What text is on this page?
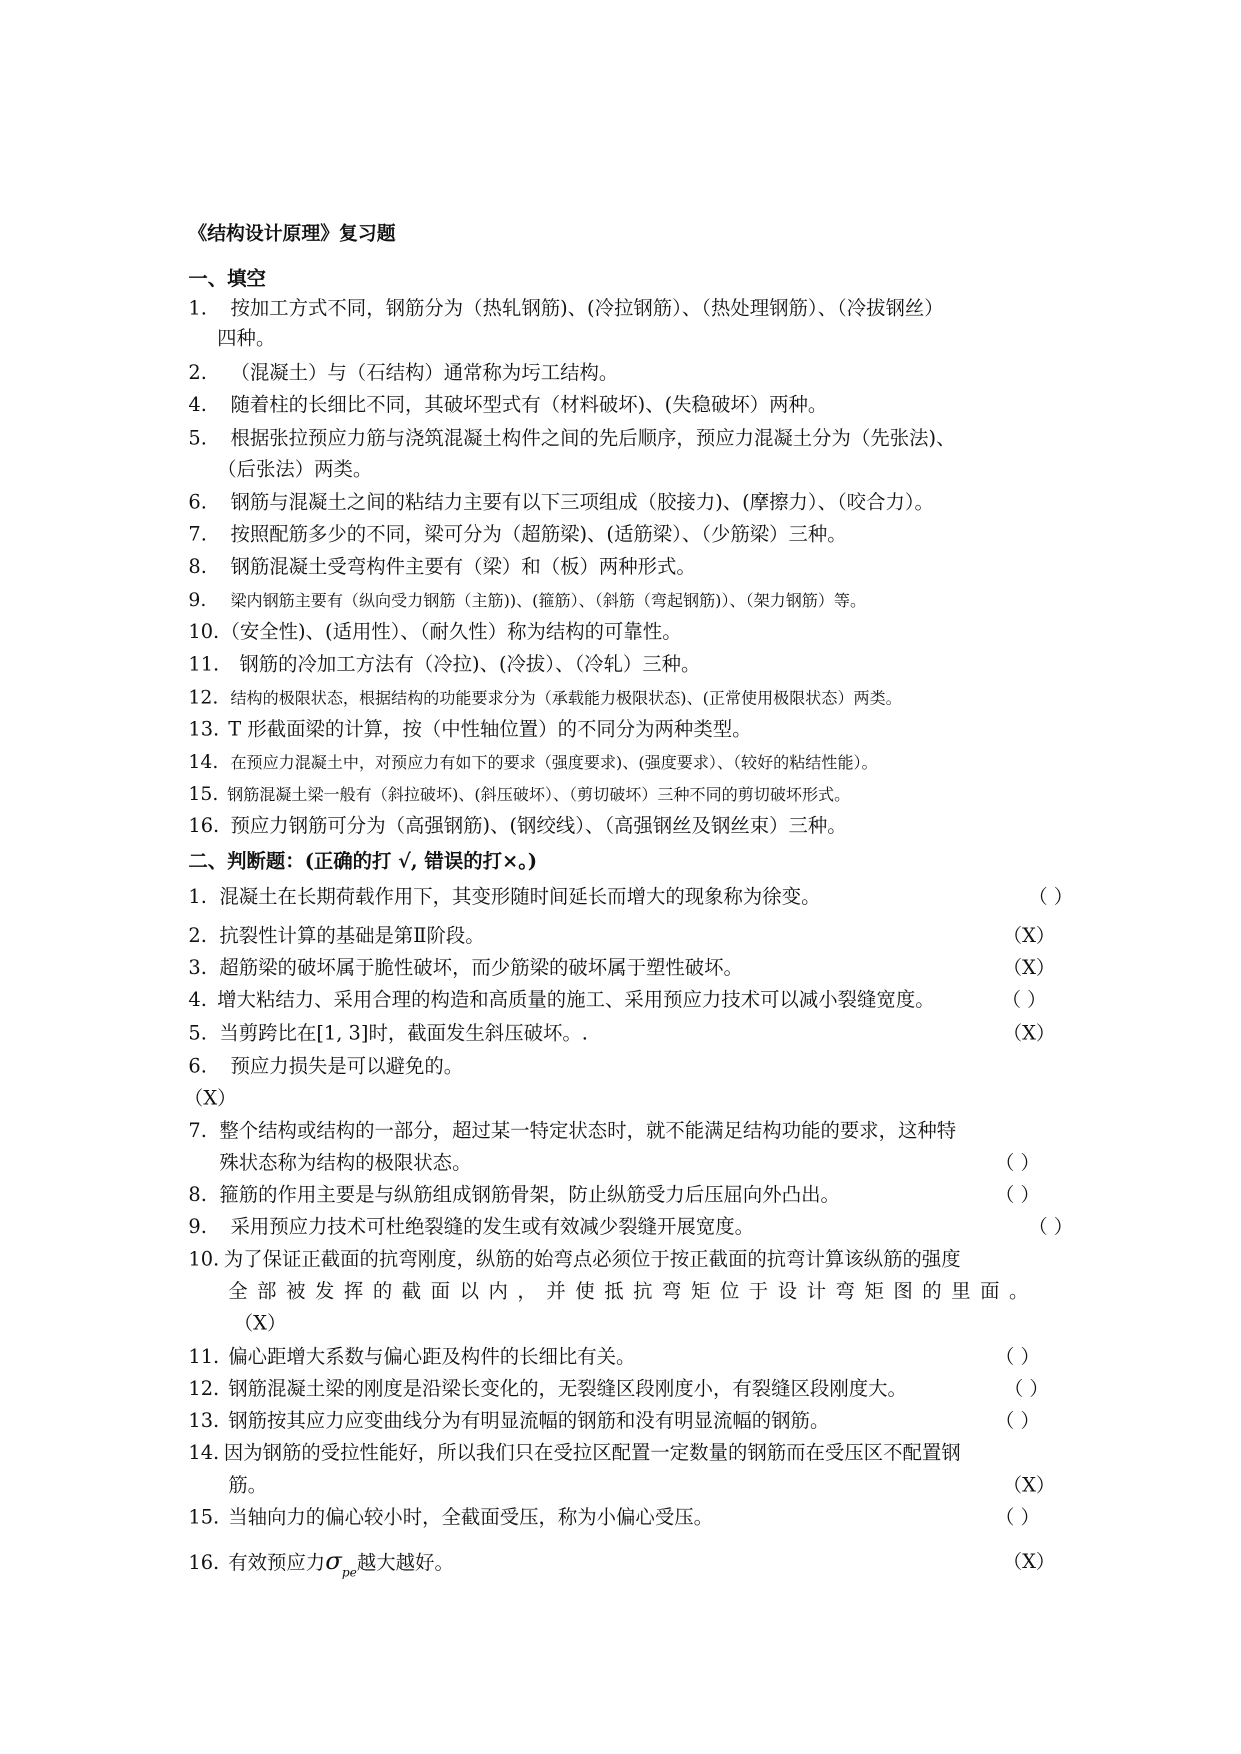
《结构设计原理》复习题
一、填空
1. 按加工方式不同，钢筋分为（热轧钢筋)、(冷拉钢筋）、（热处理钢筋）、（冷拔钢丝）
四种。
2. （混凝土）与（石结构）通常称为圬工结构。
4. 随着柱的长细比不同，其破坏型式有（材料破坏)、(失稳破坏）两种。
5. 根据张拉预应力筋与浇筑混凝土构件之间的先后顺序，预应力混凝土分为（先张法)、
（后张法）两类。
6. 钢筋与混凝土之间的粘结力主要有以下三项组成（胶接力)、(摩擦力）、（咬合力）。
7. 按照配筋多少的不同，梁可分为（超筋梁)、(适筋梁）、（少筋梁）三种。
8. 钢筋混凝土受弯构件主要有（梁）和（板）两种形式。
9. 梁内钢筋主要有（纵向受力钢筋（主筋))、(箍筋）、（斜筋（弯起钢筋)）、（架力钢筋）等。
10.（安全性)、(适用性）、（耐久性）称为结构的可靠性。
11. 钢筋的冷加工方法有（冷拉)、(冷拔）、（冷轧）三种。
12. 结构的极限状态，根据结构的功能要求分为（承载能力极限状态)、(正常使用极限状态）两类。
13. T 形截面梁的计算，按（中性轴位置）的不同分为两种类型。
14. 在预应力混凝土中，对预应力有如下的要求（强度要求)、(强度要求）、（较好的粘结性能）。
15. 钢筋混凝土梁一般有（斜拉破坏)、(斜压破坏）、（剪切破坏）三种不同的剪切破坏形式。
16. 预应力钢筋可分为（高强钢筋)、(钢绞线）、（高强钢丝及钢丝束）三种。
二、判断题：(正确的打 √, 错误的打×。)
1. 混凝土在长期荷载作用下，其变形随时间延长而增大的现象称为徐变。	（ ）
2. 抗裂性计算的基础是第Ⅱ阶段。	（X）
3. 超筋梁的破坏属于脆性破坏，而少筋梁的破坏属于塑性破坏。	（X）
4. 增大粘结力、采用合理的构造和高质量的施工、采用预应力技术可以减小裂缝宽度。	（ ）
5. 当剪跨比在[1, 3]时，截面发生斜压破坏。.	（X）
6. 预应力损失是可以避免的。
（X）
7. 整个结构或结构的一部分，超过某一特定状态时，就不能满足结构功能的要求，这种特
殊状态称为结构的极限状态。	（ ）
8. 箍筋的作用主要是与纵筋组成钢筋骨架，防止纵筋受力后压屈向外凸出。	（ ）
9. 采用预应力技术可杜绝裂缝的发生或有效减少裂缝开展宽度。	（ ）
10. 为了保证正截面的抗弯刚度，纵筋的始弯点必须位于按正截面的抗弯计算该纵筋的强度
全部被发挥的截面以内，并使抵抗弯矩位于设计弯矩图的里面。
（X）
11. 偏心距增大系数与偏心距及构件的长细比有关。	（ ）
12. 钢筋混凝土梁的刚度是沿梁长变化的，无裂缝区段刚度小，有裂缝区段刚度大。	（ ）
13. 钢筋按其应力应变曲线分为有明显流幅的钢筋和没有明显流幅的钢筋。	（ ）
14. 因为钢筋的受拉性能好，所以我们只在受拉区配置一定数量的钢筋而在受压区不配置钢
筋。	（X）
15. 当轴向力的偏心较小时，全截面受压，称为小偏心受压。	（ ）
16. 有效预应力$\sigma_{pe}$越大越好。	（X）
